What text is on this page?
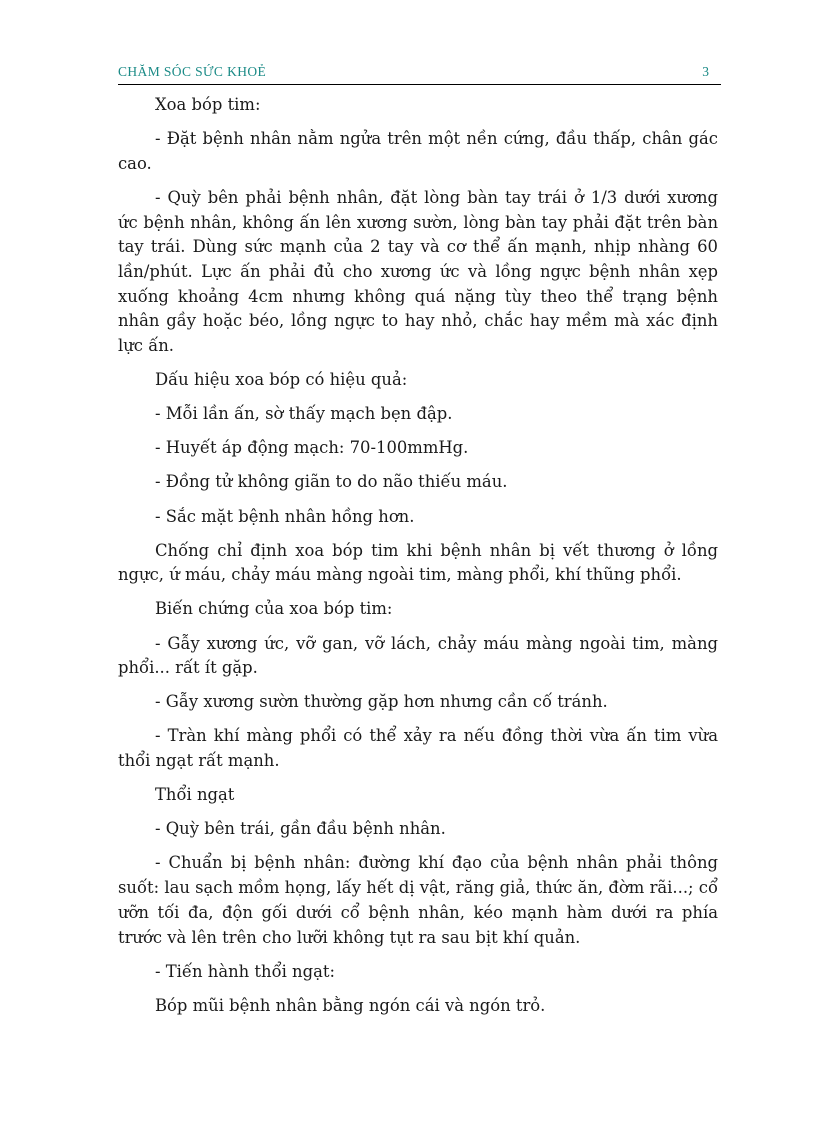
CHĂM SÓC SỨC KHOẺ	3

Xoa bóp tim:

- Đặt bệnh nhân nằm ngửa trên một nền cứng, đầu thấp, chân gác cao.

- Quỳ bên phải bệnh nhân, đặt lòng bàn tay trái ở 1/3 dưới xương ức bệnh nhân, không ấn lên xương sườn, lòng bàn tay phải đặt trên bàn tay trái. Dùng sức mạnh của 2 tay và cơ thể ấn mạnh, nhịp nhàng 60 lần/phút. Lực ấn phải đủ cho xương ức và lồng ngực bệnh nhân xẹp xuống khoảng 4cm nhưng không quá nặng tùy theo thể trạng bệnh nhân gầy hoặc béo, lồng ngực to hay nhỏ, chắc hay mềm mà xác định lực ấn.

Dấu hiệu xoa bóp có hiệu quả:

- Mỗi lần ấn, sờ thấy mạch bẹn đập.

- Huyết áp động mạch: 70-100mmHg.

- Đồng tử không giãn to do não thiếu máu.

- Sắc mặt bệnh nhân hồng hơn.

Chống chỉ định xoa bóp tim khi bệnh nhân bị vết thương ở lồng ngực, ứ máu, chảy máu màng ngoài tim, màng phổi, khí thũng phổi.

Biến chứng của xoa bóp tim:

- Gẫy xương ức, vỡ gan, vỡ lách, chảy máu màng ngoài tim, màng phổi... rất ít gặp.

- Gẫy xương sườn thường gặp hơn nhưng cần cố tránh.

- Tràn khí màng phổi có thể xảy ra nếu đồng thời vừa ấn tim vừa thổi ngạt rất mạnh.

Thổi ngạt

- Quỳ bên trái, gần đầu bệnh nhân.

- Chuẩn bị bệnh nhân: đường khí đạo của bệnh nhân phải thông suốt: lau sạch mồm họng, lấy hết dị vật, răng giả, thức ăn, đờm rãi...; cổ ưỡn tối đa, độn gối dưới cổ bệnh nhân, kéo mạnh hàm dưới ra phía trước và lên trên cho lưỡi không tụt ra sau bịt khí quản.

- Tiến hành thổi ngạt:

Bóp mũi bệnh nhân bằng ngón cái và ngón trỏ.
